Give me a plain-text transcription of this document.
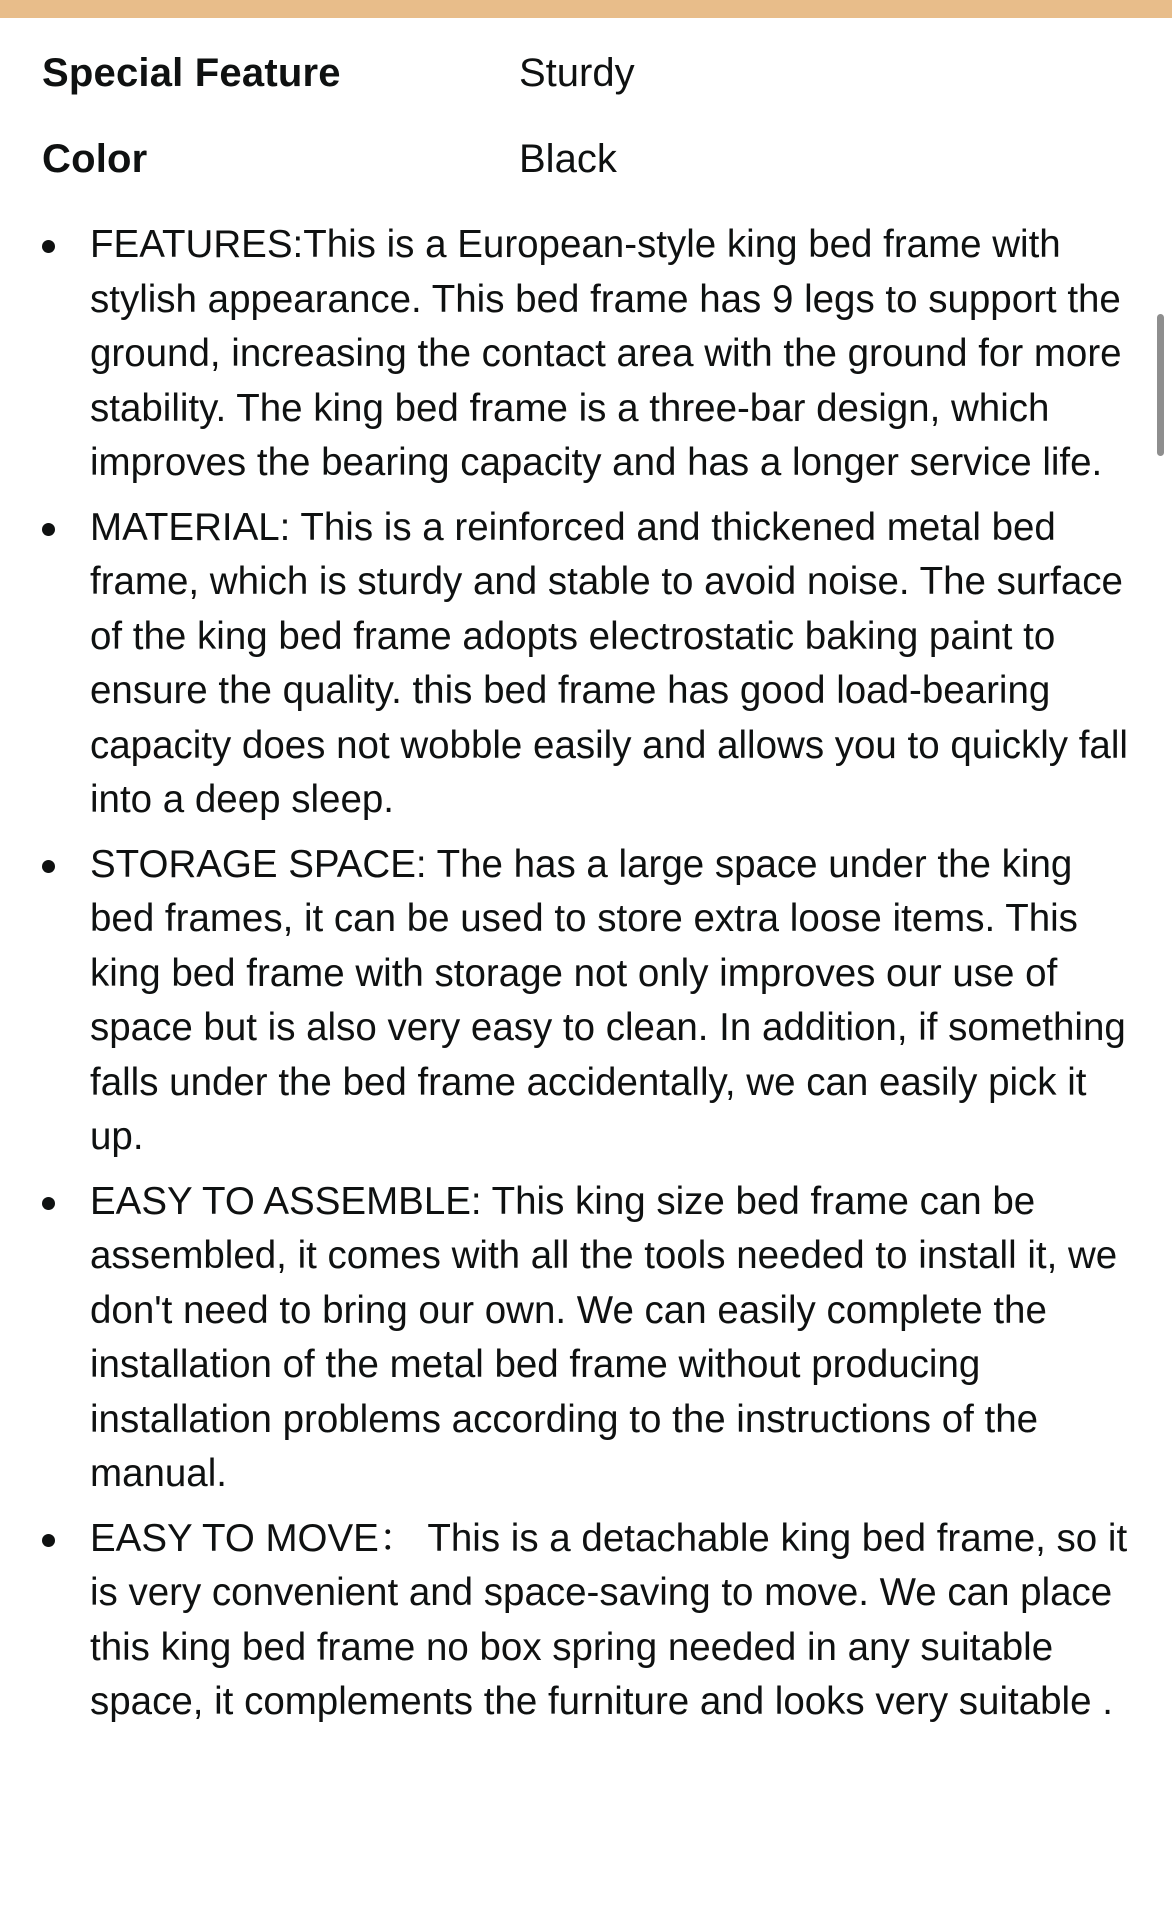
Special Feature	Sturdy
Color	Black
FEATURES:This is a European-style king bed frame with stylish appearance. This bed frame has 9 legs to support the ground, increasing the contact area with the ground for more stability. The king bed frame is a three-bar design, which improves the bearing capacity and has a longer service life.
MATERIAL: This is a reinforced and thickened metal bed frame, which is sturdy and stable to avoid noise. The surface of the king bed frame adopts electrostatic baking paint to ensure the quality. this bed frame has good load-bearing capacity does not wobble easily and allows you to quickly fall into a deep sleep.
STORAGE SPACE: The has a large space under the king bed frames, it can be used to store extra loose items. This king bed frame with storage not only improves our use of space but is also very easy to clean. In addition, if something falls under the bed frame accidentally, we can easily pick it up.
EASY TO ASSEMBLE: This king size bed frame can be assembled, it comes with all the tools needed to install it, we don't need to bring our own. We can easily complete the installation of the metal bed frame without producing installation problems according to the instructions of the manual.
EASY TO MOVE： This is a detachable king bed frame, so it is very convenient and space-saving to move. We can place this king bed frame no box spring needed in any suitable space, it complements the furniture and looks very suitable .
